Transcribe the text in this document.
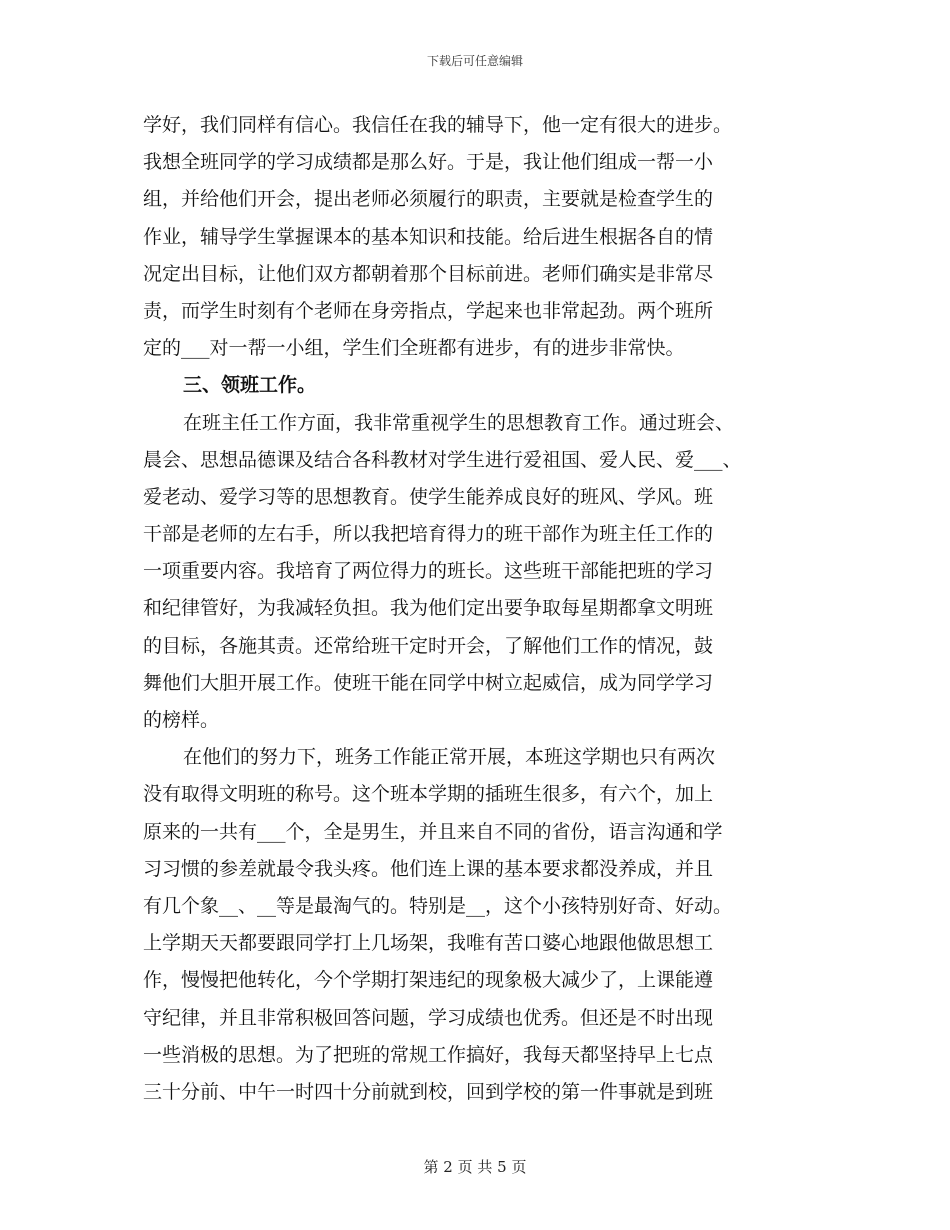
下载后可任意编辑
学好，我们同样有信心。我信任在我的辅导下，他一定有很大的进步。
我想全班同学的学习成绩都是那么好。于是，我让他们组成一帮一小
组，并给他们开会，提出老师必须履行的职责，主要就是检查学生的
作业，辅导学生掌握课本的基本知识和技能。给后进生根据各自的情
况定出目标，让他们双方都朝着那个目标前进。老师们确实是非常尽
责，而学生时刻有个老师在身旁指点，学起来也非常起劲。两个班所
定的___对一帮一小组，学生们全班都有进步，有的进步非常快。
三、领班工作。
在班主任工作方面，我非常重视学生的思想教育工作。通过班会、
晨会、思想品德课及结合各科教材对学生进行爱祖国、爱人民、爱___、
爱老动、爱学习等的思想教育。使学生能养成良好的班风、学风。班
干部是老师的左右手，所以我把培育得力的班干部作为班主任工作的
一项重要内容。我培育了两位得力的班长。这些班干部能把班的学习
和纪律管好，为我减轻负担。我为他们定出要争取每星期都拿文明班
的目标，各施其责。还常给班干定时开会，了解他们工作的情况，鼓
舞他们大胆开展工作。使班干能在同学中树立起威信，成为同学学习
的榜样。
在他们的努力下，班务工作能正常开展，本班这学期也只有两次
没有取得文明班的称号。这个班本学期的插班生很多，有六个，加上
原来的一共有___个，全是男生，并且来自不同的省份，语言沟通和学
习习惯的参差就最令我头疼。他们连上课的基本要求都没养成，并且
有几个象__、__等是最淘气的。特别是__，这个小孩特别好奇、好动。
上学期天天都要跟同学打上几场架，我唯有苦口婆心地跟他做思想工
作，慢慢把他转化，今个学期打架违纪的现象极大减少了，上课能遵
守纪律，并且非常积极回答问题，学习成绩也优秀。但还是不时出现
一些消极的思想。为了把班的常规工作搞好，我每天都坚持早上七点
三十分前、中午一时四十分前就到校，回到学校的第一件事就是到班
第 2 页 共 5 页
